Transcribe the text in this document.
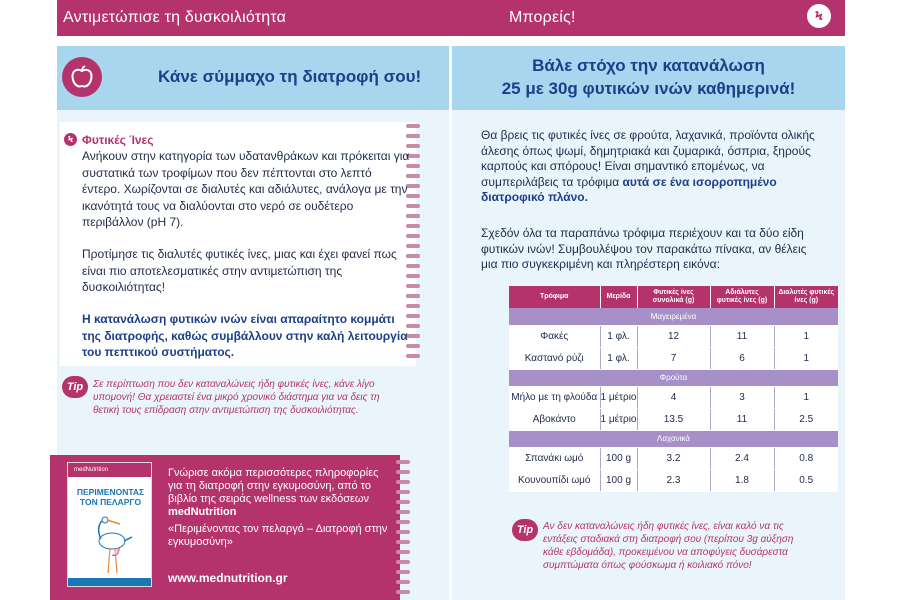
Αντιμετώπισε τη δυσκοιλιότητα	Μπορείς!	Ϟ
Κάνε σύμμαχο τη διατροφή σου!
Βάλε στόχο την κατανάλωση
25 με 30g φυτικών ινών καθημερινά!
Ϟ Φυτικές Ίνες
Ανήκουν στην κατηγορία των υδατανθράκων και πρόκειται για συστατικά των τροφίμων που δεν πέπτονται στο λεπτό έντερο. Χωρίζονται σε διαλυτές και αδιάλυτες, ανάλογα με την ικανότητά τους να διαλύονται στο νερό σε ουδέτερο περιβάλλον (pH 7).
Προτίμησε τις διαλυτές φυτικές ίνες, μιας και έχει φανεί πως είναι πιο αποτελεσματικές στην αντιμετώπιση της δυσκοιλιότητας!
Η κατανάλωση φυτικών ινών είναι απαραίτητο κομμάτι της διατροφής, καθώς συμβάλλουν στην καλή λειτουργία του πεπτικού συστήματος.
Tip Σε περίπτωση που δεν καταναλώνεις ήδη φυτικές ίνες, κάνε λίγο υπομονή! Θα χρειαστεί ένα μικρό χρονικό διάστημα για να δεις τη θετική τους επίδραση στην αντιμετώπιση της δυσκοιλιότητας.
medNutrition
ΠΕΡΙΜΕΝΟΝΤΑΣ
ΤΟΝ ΠΕΛΑΡΓΟ
Γνώρισε ακόμα περισσότερες πληροφορίες για τη διατροφή στην εγκυμοσύνη, από το βιβλίο της σειράς wellness των εκδόσεων
medNutrition
«Περιμένοντας τον πελαργό – Διατροφή στην εγκυμοσύνη»
www.mednutrition.gr
Θα βρεις τις φυτικές ίνες σε φρούτα, λαχανικά, προϊόντα ολικής άλεσης όπως ψωμί, δημητριακά και ζυμαρικά, όσπρια, ξηρούς καρπούς και σπόρους! Είναι σημαντικό επομένως, να συμπεριλάβεις τα τρόφιμα αυτά σε ένα ισορροπημένο διατροφικό πλάνο.
Σχεδόν όλα τα παραπάνω τρόφιμα περιέχουν και τα δύο είδη φυτικών ινών! Συμβουλέψου τον παρακάτω πίνακα, αν θέλεις μια πιο συγκεκριμένη και πληρέστερη εικόνα:
Τρόφιμα	Μερίδα	Φυτικές ίνες συνολικά (g)	Αδιάλυτες φυτικές ίνες (g)	Διαλυτές φυτικές ίνες (g)
Μαγειρεμένα				
Φακές	1 φλ.	12	11	1
Καστανό ρύζι	1 φλ.	7	6	1
Φρούτα				
Μήλο με τη φλούδα	1 μέτριο	4	3	1
Αβοκάντο	1 μέτριο	13.5	11	2.5
Λαχανικά				
Σπανάκι ωμό	100 g	3.2	2.4	0.8
Κουνουπίδι ωμό	100 g	2.3	1.8	0.5
Tip Αν δεν καταναλώνεις ήδη φυτικές ίνες, είναι καλό να τις εντάξεις σταδιακά στη διατροφή σου (περίπου 3g αύξηση κάθε εβδομάδα), προκειμένου να αποφύγεις δυσάρεστα συμπτώματα όπως φούσκωμα ή κοιλιακό πόνο!
